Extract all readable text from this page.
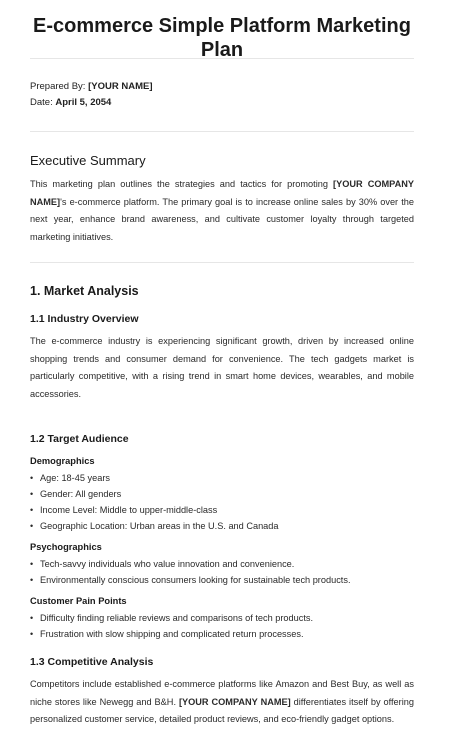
E-commerce Simple Platform Marketing Plan
Prepared By: [YOUR NAME]
Date: April 5, 2054
Executive Summary

This marketing plan outlines the strategies and tactics for promoting [YOUR COMPANY NAME]'s e-commerce platform. The primary goal is to increase online sales by 30% over the next year, enhance brand awareness, and cultivate customer loyalty through targeted marketing initiatives.

1. Market Analysis
1.1 Industry Overview

The e-commerce industry is experiencing significant growth, driven by increased online shopping trends and consumer demand for convenience. The tech gadgets market is particularly competitive, with a rising trend in smart home devices, wearables, and mobile accessories.

1.2 Target Audience
Demographics
• Age: 18-45 years
• Gender: All genders
• Income Level: Middle to upper-middle-class
• Geographic Location: Urban areas in the U.S. and Canada
Psychographics
• Tech-savvy individuals who value innovation and convenience.
• Environmentally conscious consumers looking for sustainable tech products.
Customer Pain Points
• Difficulty finding reliable reviews and comparisons of tech products.
• Frustration with slow shipping and complicated return processes.
1.3 Competitive Analysis

Competitors include established e-commerce platforms like Amazon and Best Buy, as well as niche stores like Newegg and B&H. [YOUR COMPANY NAME] differentiates itself by offering personalized customer service, detailed product reviews, and eco-friendly gadget options.
